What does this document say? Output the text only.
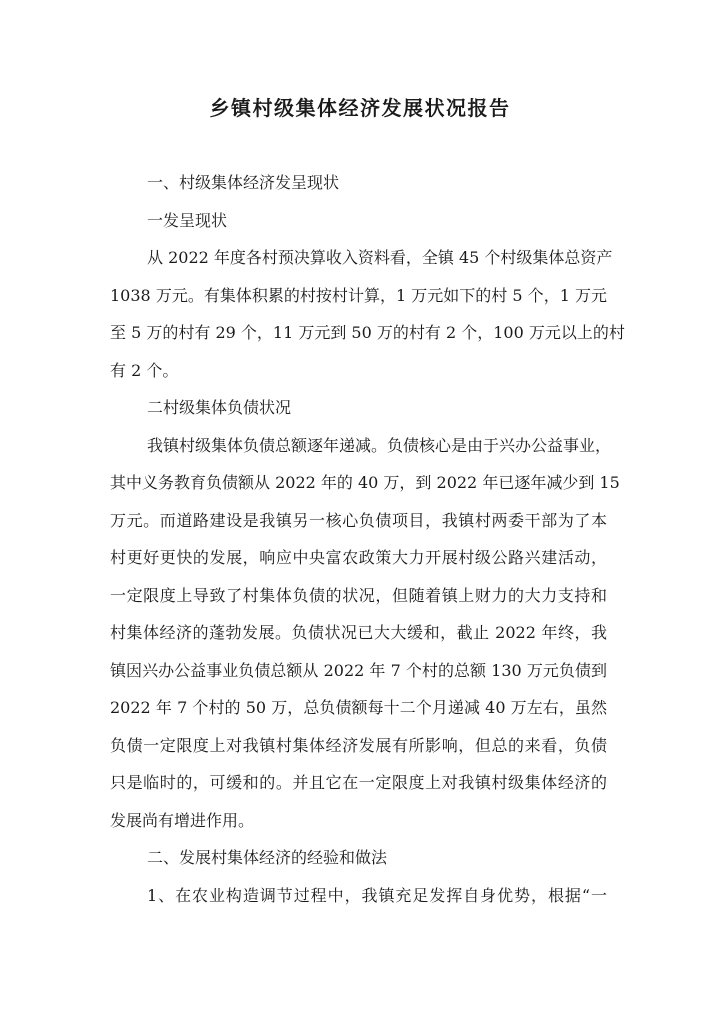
乡镇村级集体经济发展状况报告
一、村级集体经济发呈现状
一发呈现状
从 2022 年度各村预决算收入资料看，全镇 45 个村级集体总资产
1038 万元。有集体积累的村按村计算，1 万元如下的村 5 个，1 万元
至 5 万的村有 29 个，11 万元到 50 万的村有 2 个，100 万元以上的村
有 2 个。
二村级集体负债状况
我镇村级集体负债总额逐年递减。负债核心是由于兴办公益事业，
其中义务教育负债额从 2022 年的 40 万，到 2022 年已逐年减少到 15
万元。而道路建设是我镇另一核心负债项目，我镇村两委干部为了本
村更好更快的发展，响应中央富农政策大力开展村级公路兴建活动，
一定限度上导致了村集体负债的状况，但随着镇上财力的大力支持和
村集体经济的蓬勃发展。负债状况已大大缓和，截止 2022 年终，我
镇因兴办公益事业负债总额从 2022 年 7 个村的总额 130 万元负债到
2022 年 7 个村的 50 万，总负债额每十二个月递减 40 万左右，虽然
负债一定限度上对我镇村集体经济发展有所影响，但总的来看，负债
只是临时的，可缓和的。并且它在一定限度上对我镇村级集体经济的
发展尚有增进作用。
二、发展村集体经济的经验和做法
1、在农业构造调节过程中，我镇充足发挥自身优势，根据“一
